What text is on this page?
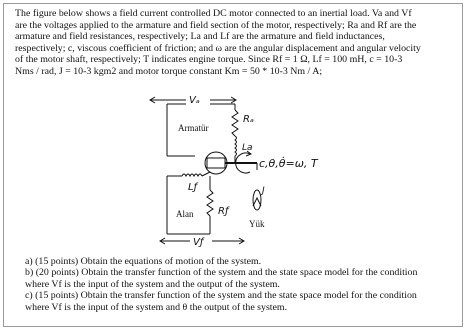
The figure below shows a field current controlled DC motor connected to an inertial load. Va and Vf
are the voltages applied to the armature and field section of the motor, respectively; Ra and Rf are the
armature and field resistances, respectively; La and Lf are the armature and field inductances,
respectively; c, viscous coefficient of friction; and ω are the angular displacement and angular velocity
of the motor shaft, respectively; T indicates engine torque. Since Rf = 1 Ω, Lf = 100 mH, c = 10-3
Nms / rad, J = 10-3 kgm2 and motor torque constant Km = 50 * 10-3 Nm / A;
Vₐ
Rₐ
Armatür
La
c,θ,θ̇=ω, T
Lƒ
Alan Rƒ
J
Yük
Vƒ
a) (15 points) Obtain the equations of motion of the system.
b) (20 points) Obtain the transfer function of the system and the state space model for the condition
where Vf is the input of the system and the output of the system.
c) (15 points) Obtain the transfer function of the system and the state space model for the condition
where Vf is the input of the system and θ the output of the system.
